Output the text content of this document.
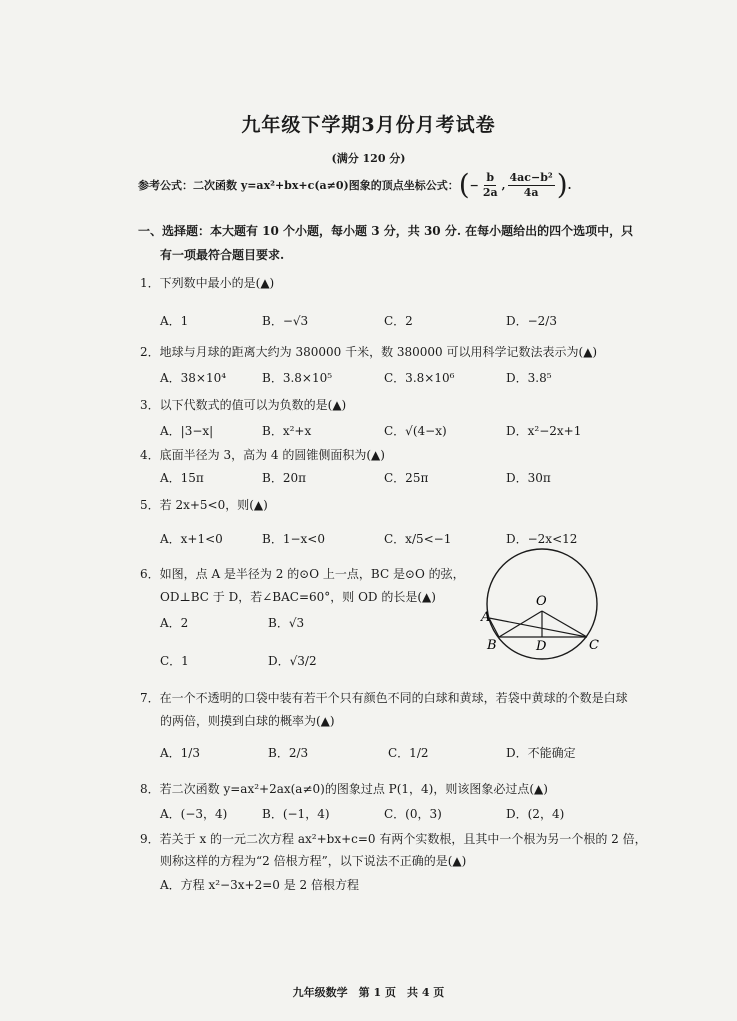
九年级下学期3月份月考试卷
(满分 120 分)
参考公式：二次函数 y=ax²+bx+c(a≠0)图象的顶点坐标公式： ( − $\frac{b}{2a}$ , $\frac{\text{4ac−b²}}{4a}$ ) .
一、选择题：本大题有 10 个小题，每小题 3 分，共 30 分. 在每小题给出的四个选项中，只
有一项最符合题目要求.
1．下列数中最小的是(▲)
A．1	B．−√3	C．2	D．−2/3
2．地球与月球的距离大约为 380000 千米，数 380000 可以用科学记数法表示为(▲)
A．38×10⁴	B．3.8×10⁵	C．3.8×10⁶	D．3.8⁵
3．以下代数式的值可以为负数的是(▲)
A．|3−x|	B．x²+x	C．√(4−x)	D．x²−2x+1
4．底面半径为 3，高为 4 的圆锥侧面积为(▲)
A．15π	B．20π	C．25π	D．30π
5．若 2x+5<0，则(▲)
A．x+1<0	B．1−x<0	C．x/5<−1	D．−2x<12
6．如图，点 A 是半径为 2 的⊙O 上一点，BC 是⊙O 的弦，
OD⊥BC 于 D，若∠BAC=60°，则 OD 的长是(▲)
A．2	B．√3
C．1	D．√3/2
A
O
B	D	C
7．在一个不透明的口袋中装有若干个只有颜色不同的白球和黄球，若袋中黄球的个数是白球
的两倍，则摸到白球的概率为(▲)
A．1/3	B．2/3	C．1/2	D．不能确定
8．若二次函数 y=ax²+2ax(a≠0)的图象过点 P(1，4)，则该图象必过点(▲)
A．(−3，4)	B．(−1，4)	C．(0，3)	D．(2，4)
9．若关于 x 的一元二次方程 ax²+bx+c=0 有两个实数根，且其中一个根为另一个根的 2 倍，
则称这样的方程为“2 倍根方程”，以下说法不正确的是(▲)
A．方程 x²−3x+2=0 是 2 倍根方程
九年级数学　第 1 页　共 4 页
